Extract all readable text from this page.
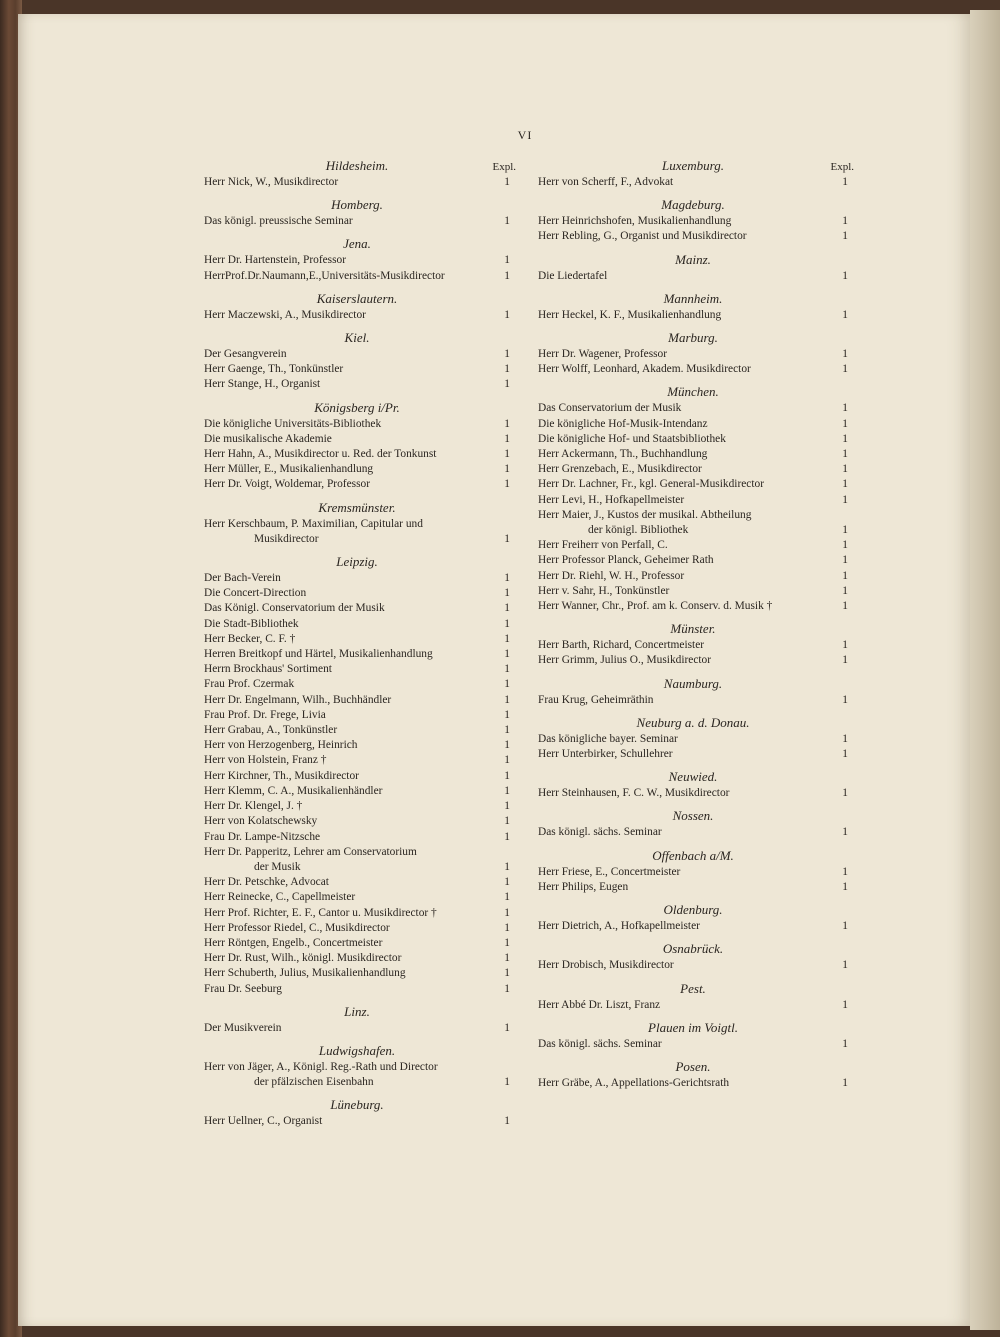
VI
Hildesheim.	Expl.
Herr Nick, W., Musikdirector	1
Homberg.
Das königl. preussische Seminar	1
Jena.
Herr Dr. Hartenstein, Professor	1
HerrProf.Dr.Naumann,E.,Universitäts-Musikdirector	1
Kaiserslautern.
Herr Maczewski, A., Musikdirector	1
Kiel.
Der Gesangverein	1
Herr Gaenge, Th., Tonkünstler	1
Herr Stange, H., Organist	1
Königsberg i/Pr.
Die königliche Universitäts-Bibliothek	1
Die musikalische Akademie	1
Herr Hahn, A., Musikdirector u. Red. der Tonkunst	1
Herr Müller, E., Musikalienhandlung	1
Herr Dr. Voigt, Woldemar, Professor	1
Kremsmünster.
Herr Kerschbaum, P. Maximilian, Capitular und
Musikdirector	1
Leipzig.
Der Bach-Verein	1
Die Concert-Direction	1
Das Königl. Conservatorium der Musik	1
Die Stadt-Bibliothek	1
Herr Becker, C. F. †	1
Herren Breitkopf und Härtel, Musikalienhandlung	1
Herrn Brockhaus' Sortiment	1
Frau Prof. Czermak	1
Herr Dr. Engelmann, Wilh., Buchhändler	1
Frau Prof. Dr. Frege, Livia	1
Herr Grabau, A., Tonkünstler	1
Herr von Herzogenberg, Heinrich	1
Herr von Holstein, Franz †	1
Herr Kirchner, Th., Musikdirector	1
Herr Klemm, C. A., Musikalienhändler	1
Herr Dr. Klengel, J. †	1
Herr von Kolatschewsky	1
Frau Dr. Lampe-Nitzsche	1
Herr Dr. Papperitz, Lehrer am Conservatorium
der Musik	1
Herr Dr. Petschke, Advocat	1
Herr Reinecke, C., Capellmeister	1
Herr Prof. Richter, E. F., Cantor u. Musikdirector †	1
Herr Professor Riedel, C., Musikdirector	1
Herr Röntgen, Engelb., Concertmeister	1
Herr Dr. Rust, Wilh., königl. Musikdirector	1
Herr Schuberth, Julius, Musikalienhandlung	1
Frau Dr. Seeburg	1
Linz.
Der Musikverein	1
Ludwigshafen.
Herr von Jäger, A., Königl. Reg.-Rath und Director
der pfälzischen Eisenbahn	1
Lüneburg.
Herr Uellner, C., Organist	1
Luxemburg.	Expl.
Herr von Scherff, F., Advokat	1
Magdeburg.
Herr Heinrichshofen, Musikalienhandlung	1
Herr Rebling, G., Organist und Musikdirector	1
Mainz.
Die Liedertafel	1
Mannheim.
Herr Heckel, K. F., Musikalienhandlung	1
Marburg.
Herr Dr. Wagener, Professor	1
Herr Wolff, Leonhard, Akadem. Musikdirector	1
München.
Das Conservatorium der Musik	1
Die königliche Hof-Musik-Intendanz	1
Die königliche Hof- und Staatsbibliothek	1
Herr Ackermann, Th., Buchhandlung	1
Herr Grenzebach, E., Musikdirector	1
Herr Dr. Lachner, Fr., kgl. General-Musikdirector	1
Herr Levi, H., Hofkapellmeister	1
Herr Maier, J., Kustos der musikal. Abtheilung
der königl. Bibliothek	1
Herr Freiherr von Perfall, C.	1
Herr Professor Planck, Geheimer Rath	1
Herr Dr. Riehl, W. H., Professor	1
Herr v. Sahr, H., Tonkünstler	1
Herr Wanner, Chr., Prof. am k. Conserv. d. Musik †	1
Münster.
Herr Barth, Richard, Concertmeister	1
Herr Grimm, Julius O., Musikdirector	1
Naumburg.
Frau Krug, Geheimräthin	1
Neuburg a. d. Donau.
Das königliche bayer. Seminar	1
Herr Unterbirker, Schullehrer	1
Neuwied.
Herr Steinhausen, F. C. W., Musikdirector	1
Nossen.
Das königl. sächs. Seminar	1
Offenbach a/M.
Herr Friese, E., Concertmeister	1
Herr Philips, Eugen	1
Oldenburg.
Herr Dietrich, A., Hofkapellmeister	1
Osnabrück.
Herr Drobisch, Musikdirector	1
Pest.
Herr Abbé Dr. Liszt, Franz	1
Plauen im Voigtl.
Das königl. sächs. Seminar	1
Posen.
Herr Gräbe, A., Appellations-Gerichtsrath	1
